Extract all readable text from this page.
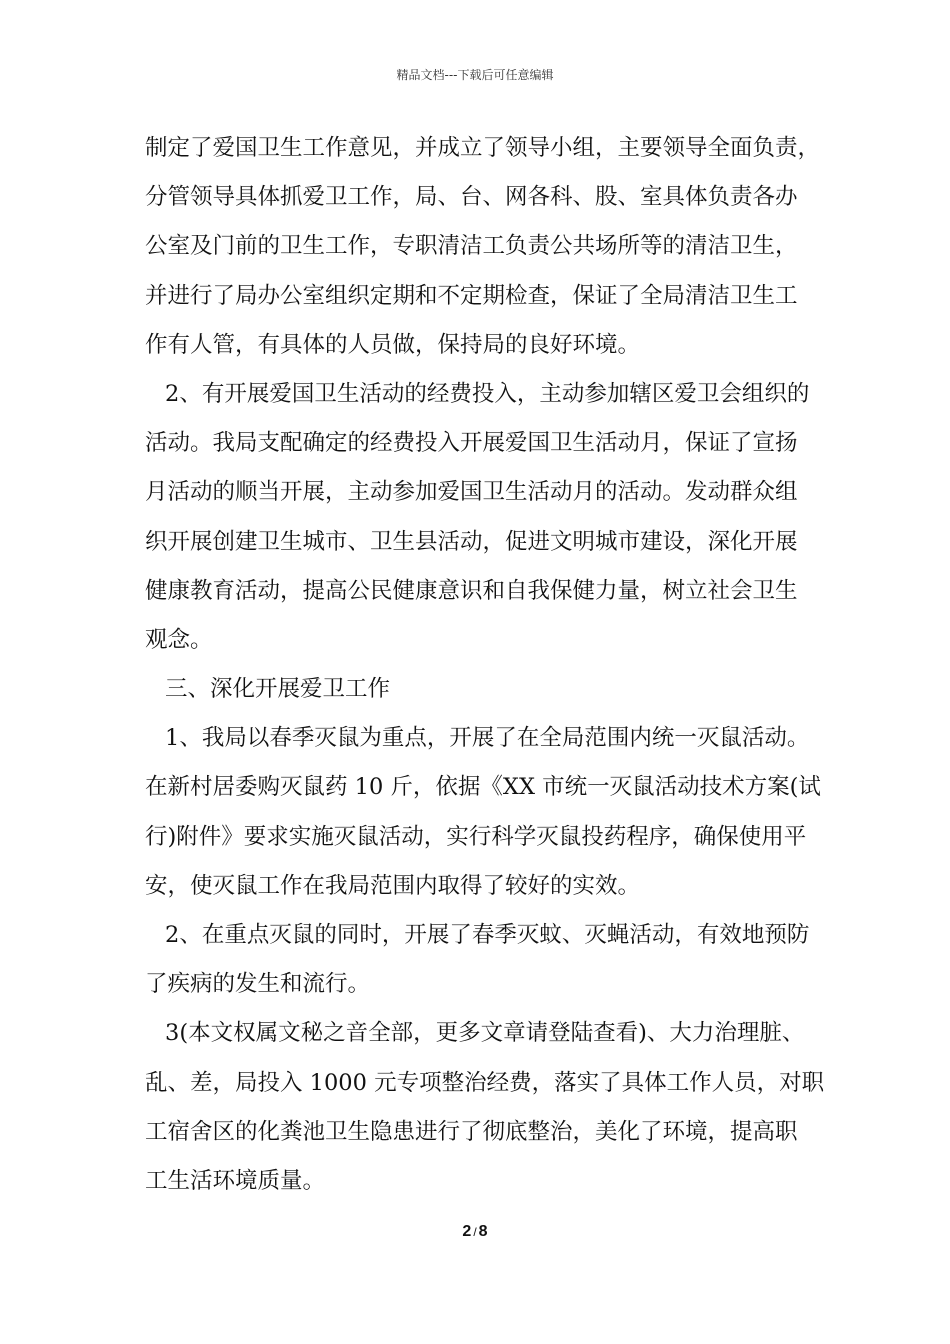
精品文档---下载后可任意编辑
制定了爱国卫生工作意见，并成立了领导小组，主要领导全面负责，
分管领导具体抓爱卫工作，局、台、网各科、股、室具体负责各办
公室及门前的卫生工作，专职清洁工负责公共场所等的清洁卫生，
并进行了局办公室组织定期和不定期检查，保证了全局清洁卫生工
作有人管，有具体的人员做，保持局的良好环境。
2、有开展爱国卫生活动的经费投入，主动参加辖区爱卫会组织的
活动。我局支配确定的经费投入开展爱国卫生活动月，保证了宣扬
月活动的顺当开展，主动参加爱国卫生活动月的活动。发动群众组
织开展创建卫生城市、卫生县活动，促进文明城市建设，深化开展
健康教育活动，提高公民健康意识和自我保健力量，树立社会卫生
观念。
三、深化开展爱卫工作
1、我局以春季灭鼠为重点，开展了在全局范围内统一灭鼠活动。
在新村居委购灭鼠药 10 斤，依据《XX 市统一灭鼠活动技术方案(试
行)附件》要求实施灭鼠活动，实行科学灭鼠投药程序，确保使用平
安，使灭鼠工作在我局范围内取得了较好的实效。
2、在重点灭鼠的同时，开展了春季灭蚊、灭蝇活动，有效地预防
了疾病的发生和流行。
3(本文权属文秘之音全部，更多文章请登陆查看)、大力治理脏、
乱、差，局投入 1000 元专项整治经费，落实了具体工作人员，对职
工宿舍区的化粪池卫生隐患进行了彻底整治，美化了环境，提高职
工生活环境质量。
2 / 8
